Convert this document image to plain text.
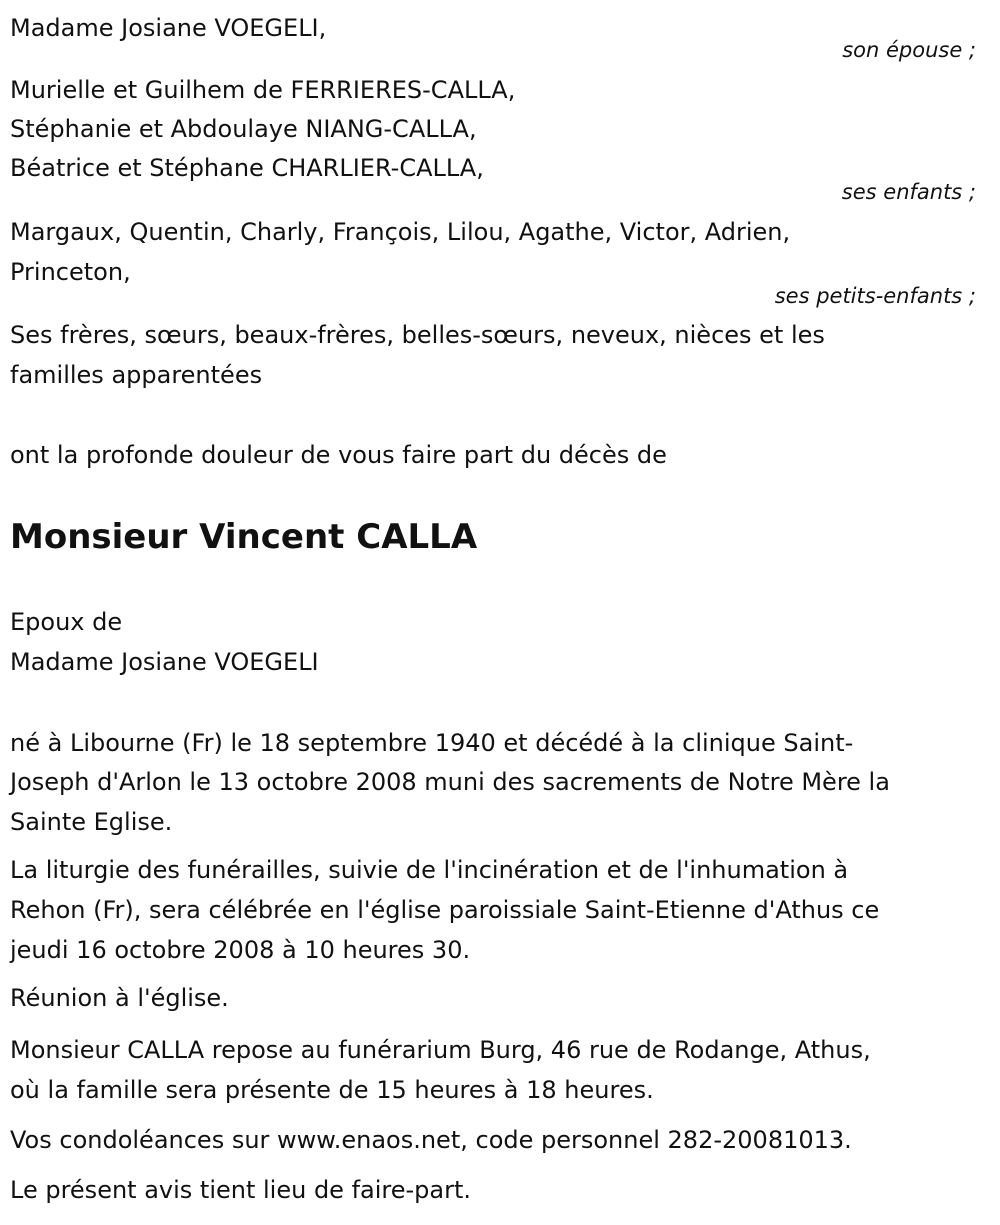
Madame Josiane VOEGELI,
son épouse ;
Murielle et Guilhem de FERRIERES-CALLA,
Stéphanie et Abdoulaye NIANG-CALLA,
Béatrice et Stéphane CHARLIER-CALLA,
ses enfants ;
Margaux, Quentin, Charly, François, Lilou, Agathe, Victor, Adrien,
Princeton,
ses petits-enfants ;
Ses frères, sœurs, beaux-frères, belles-sœurs, neveux, nièces et les
familles apparentées
ont la profonde douleur de vous faire part du décès de
Monsieur Vincent CALLA
Epoux de
Madame Josiane VOEGELI
né à Libourne (Fr) le 18 septembre 1940 et décédé à la clinique Saint-
Joseph d'Arlon le 13 octobre 2008 muni des sacrements de Notre Mère la
Sainte Eglise.
La liturgie des funérailles, suivie de l'incinération et de l'inhumation à
Rehon (Fr), sera célébrée en l'église paroissiale Saint-Etienne d'Athus ce
jeudi 16 octobre 2008 à 10 heures 30.
Réunion à l'église.
Monsieur CALLA repose au funérarium Burg, 46 rue de Rodange, Athus,
où la famille sera présente de 15 heures à 18 heures.
Vos condoléances sur www.enaos.net, code personnel 282-20081013.
Le présent avis tient lieu de faire-part.
